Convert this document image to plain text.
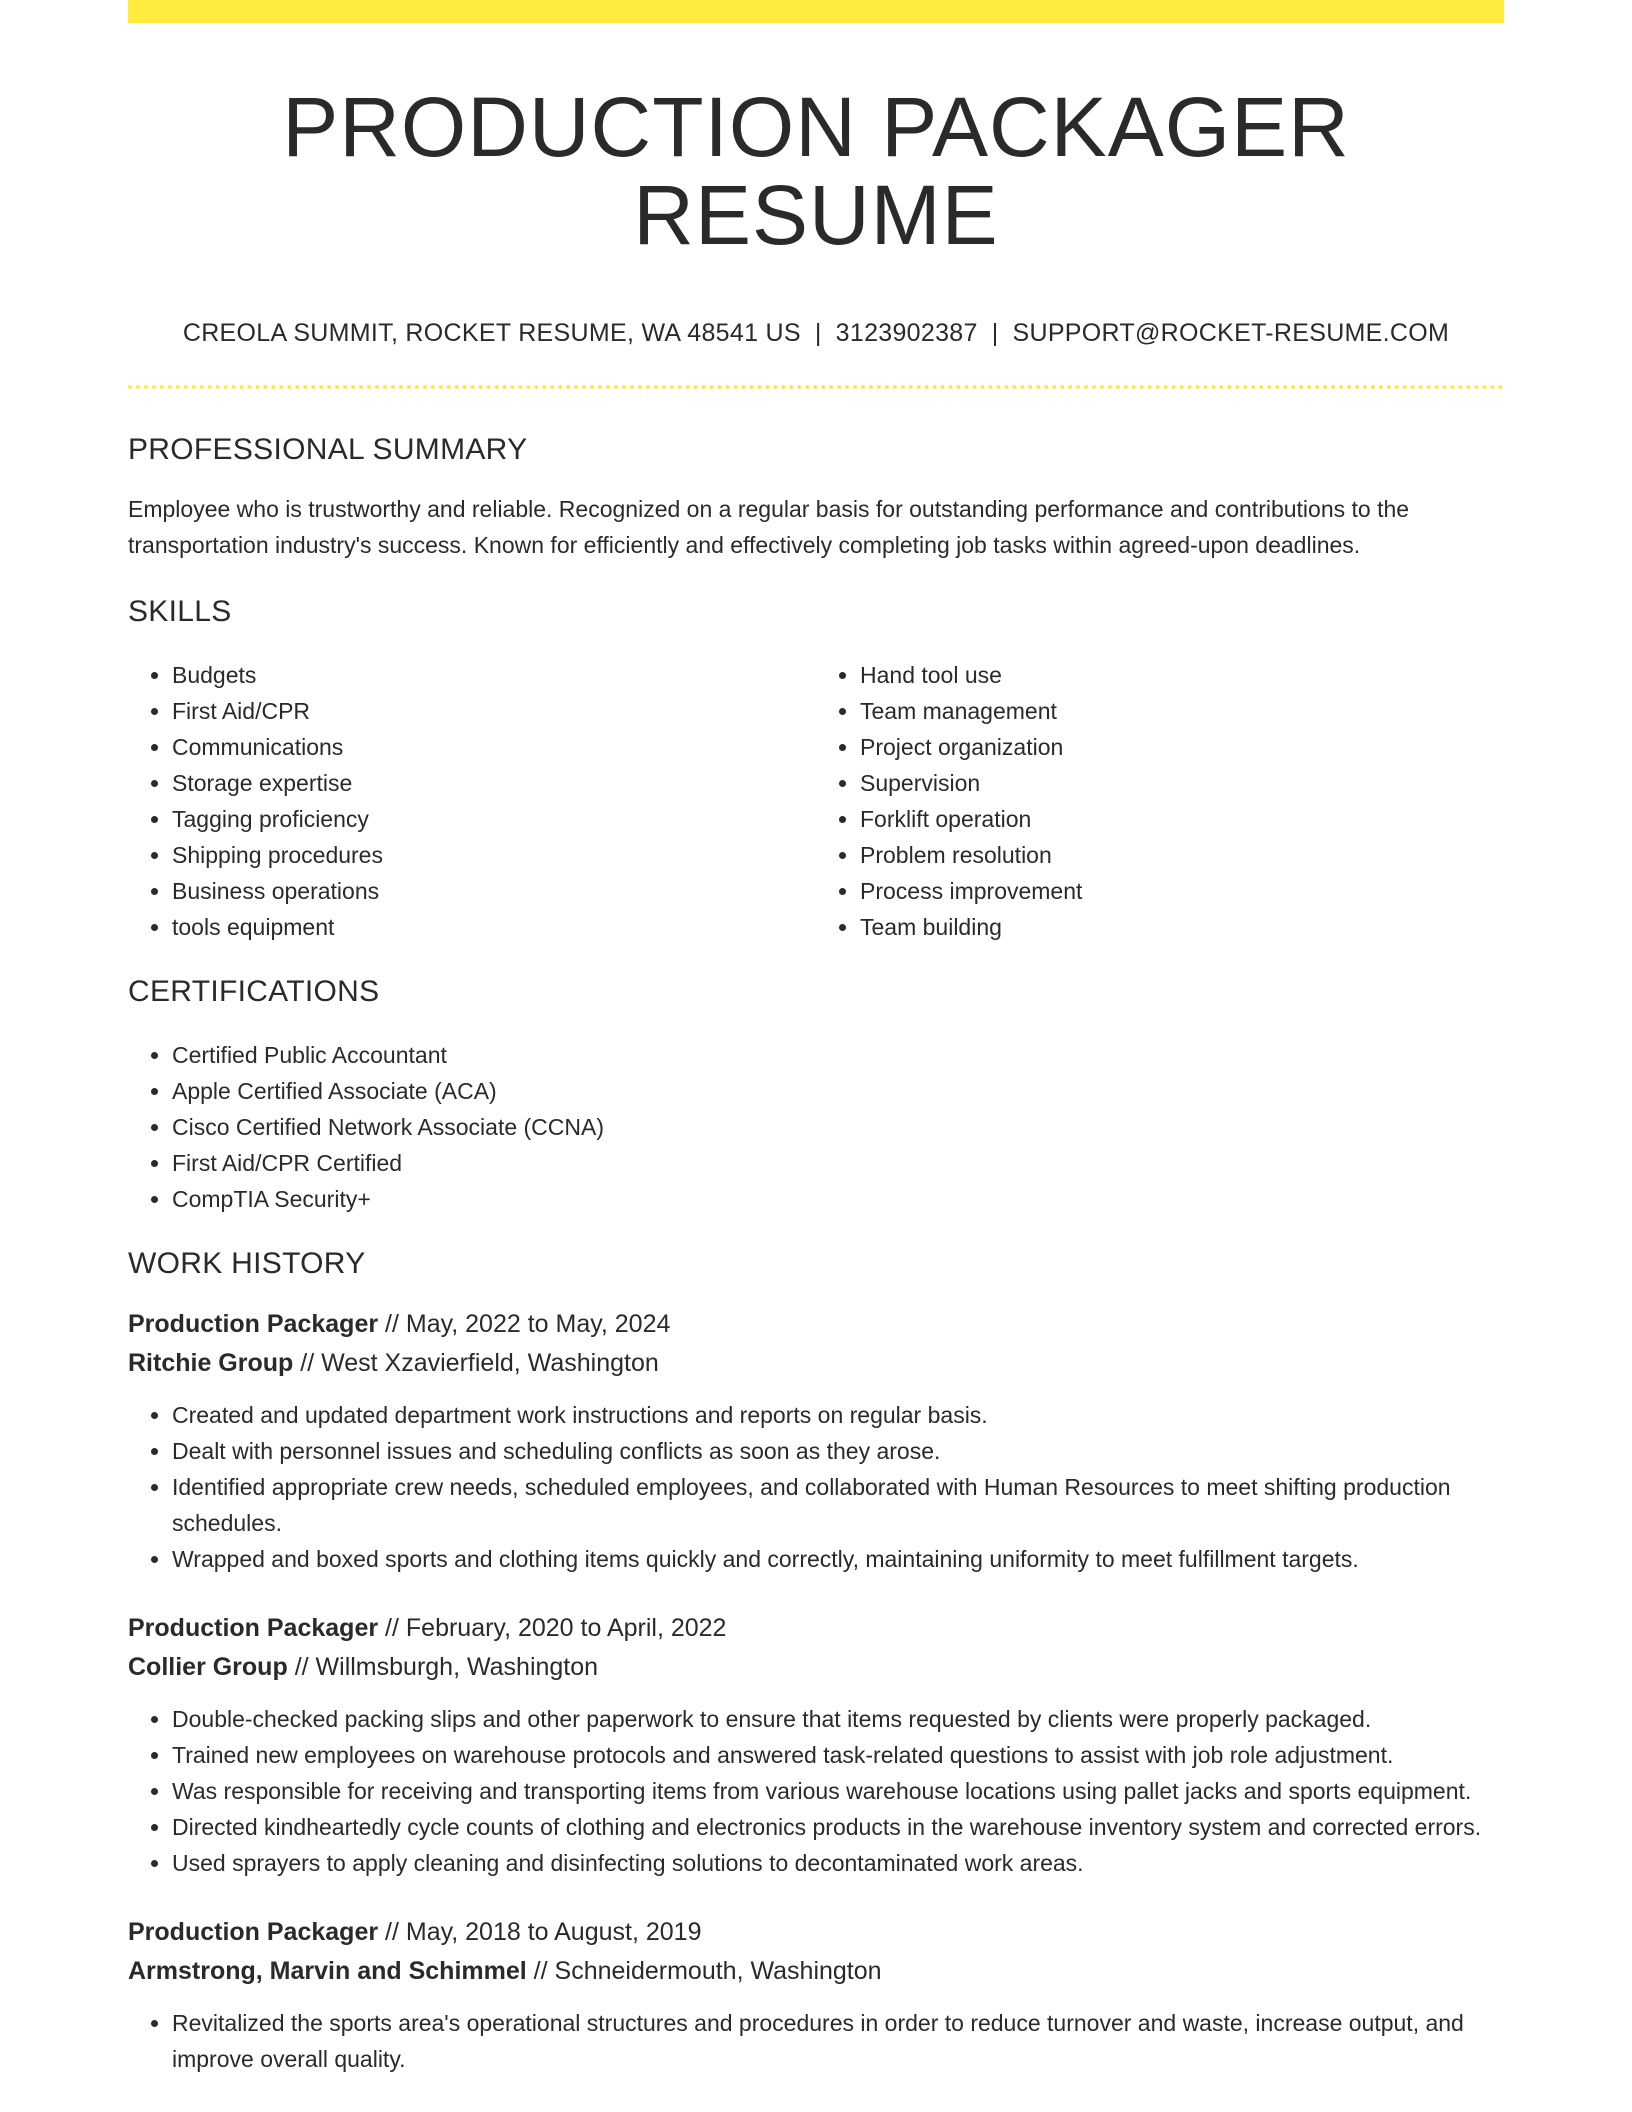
PRODUCTION PACKAGER RESUME
CREOLA SUMMIT, ROCKET RESUME, WA 48541 US | 3123902387 | SUPPORT@ROCKET-RESUME.COM
PROFESSIONAL SUMMARY

Employee who is trustworthy and reliable. Recognized on a regular basis for outstanding performance and contributions to the transportation industry's success. Known for efficiently and effectively completing job tasks within agreed-upon deadlines.

SKILLS
• Budgets
• First Aid/CPR
• Communications
• Storage expertise
• Tagging proficiency
• Shipping procedures
• Business operations
• tools equipment
• Hand tool use
• Team management
• Project organization
• Supervision
• Forklift operation
• Problem resolution
• Process improvement
• Team building
CERTIFICATIONS
• Certified Public Accountant
• Apple Certified Associate (ACA)
• Cisco Certified Network Associate (CCNA)
• First Aid/CPR Certified
• CompTIA Security+
WORK HISTORY
Production Packager // May, 2022 to May, 2024
Ritchie Group // West Xzavierfield, Washington
• Created and updated department work instructions and reports on regular basis.
• Dealt with personnel issues and scheduling conflicts as soon as they arose.
• Identified appropriate crew needs, scheduled employees, and collaborated with Human Resources to meet shifting production schedules.
• Wrapped and boxed sports and clothing items quickly and correctly, maintaining uniformity to meet fulfillment targets.
Production Packager // February, 2020 to April, 2022
Collier Group // Willmsburgh, Washington
• Double-checked packing slips and other paperwork to ensure that items requested by clients were properly packaged.
• Trained new employees on warehouse protocols and answered task-related questions to assist with job role adjustment.
• Was responsible for receiving and transporting items from various warehouse locations using pallet jacks and sports equipment.
• Directed kindheartedly cycle counts of clothing and electronics products in the warehouse inventory system and corrected errors.
• Used sprayers to apply cleaning and disinfecting solutions to decontaminated work areas.
Production Packager // May, 2018 to August, 2019
Armstrong, Marvin and Schimmel // Schneidermouth, Washington
• Revitalized the sports area's operational structures and procedures in order to reduce turnover and waste, increase output, and improve overall quality.
